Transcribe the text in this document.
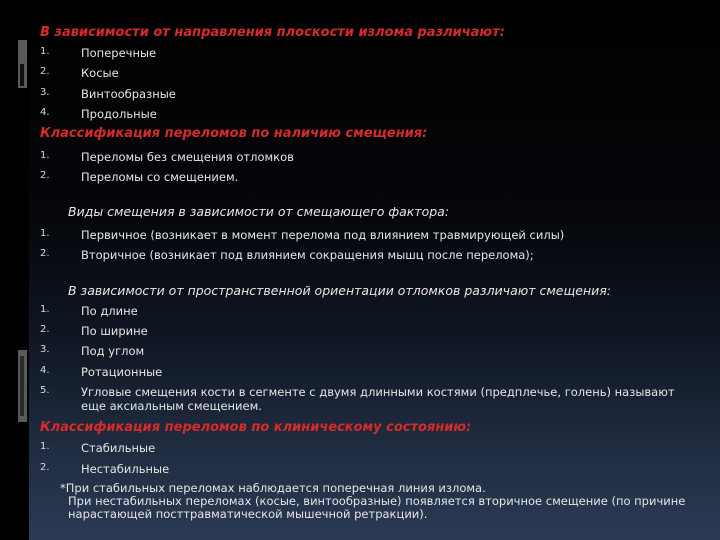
В зависимости от направления плоскости излома различают:
1.	Поперечные
2.	Косые
3.	Винтообразные
4.	Продольные
Классификация переломов по наличию смещения:
1.	Переломы без смещения отломков
2.	Переломы со смещением.
Виды смещения в зависимости от смещающего фактора:
1.	Первичное (возникает в момент перелома под влиянием травмирующей силы)
2.	Вторичное (возникает под влиянием сокращения мышц после перелома);
В зависимости от пространственной ориентации отломков различают смещения:
1.	По длине
2.	По ширине
3.	Под углом
4.	Ротационные
5.	Угловые смещения кости в сегменте с двумя длинными костями (предплечье, голень) называют еще аксиальным смещением.
Классификация переломов по клиническому состоянию:
1.	Стабильные
2.	Нестабильные
*При стабильных переломах наблюдается поперечная линия излома.
При нестабильных переломах (косые, винтообразные) появляется вторичное смещение (по причине
нарастающей посттравматической мышечной ретракции).
